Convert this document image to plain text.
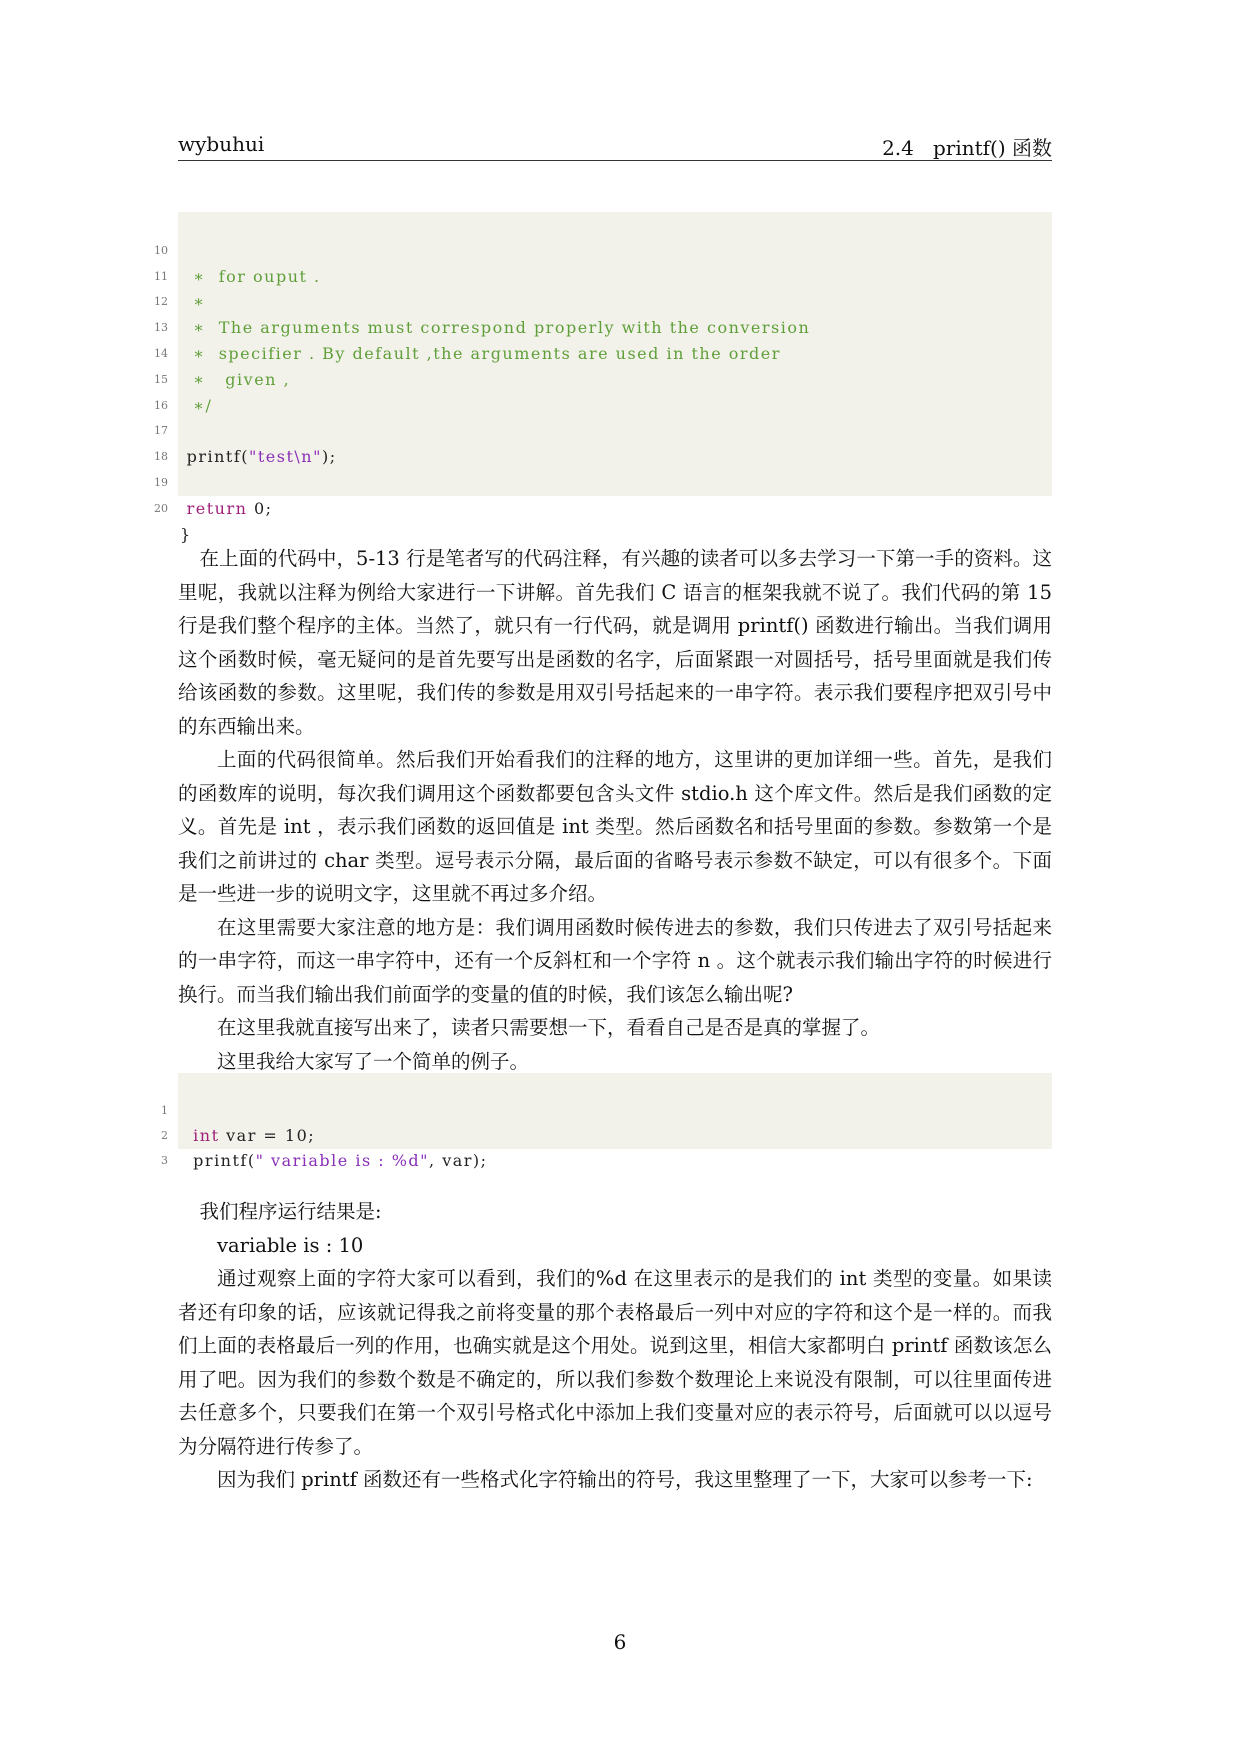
wybuhui	2.4   printf() 函数

10

∗  for ouput .

11

∗

12

∗  The arguments must correspond properly with the conversion

13

∗  specifier . By default ,the arguments are used in the order

14

∗   given ,

15

∗/

16

17

printf("test\n");

18

19

return 0;

20

}

在上面的代码中，5-13 行是笔者写的代码注释，有兴趣的读者可以多去学习一下第一手的资料。这里呢，我就以注释为例给大家进行一下讲解。首先我们 C 语言的框架我就不说了。我们代码的第 15 行是我们整个程序的主体。当然了，就只有一行代码，就是调用 printf() 函数进行输出。当我们调用这个函数时候，毫无疑问的是首先要写出是函数的名字，后面紧跟一对圆括号，括号里面就是我们传给该函数的参数。这里呢，我们传的参数是用双引号括起来的一串字符。表示我们要程序把双引号中的东西输出来。

上面的代码很简单。然后我们开始看我们的注释的地方，这里讲的更加详细一些。首先，是我们的函数库的说明，每次我们调用这个函数都要包含头文件 stdio.h 这个库文件。然后是我们函数的定义。首先是 int ，表示我们函数的返回值是 int 类型。然后函数名和括号里面的参数。参数第一个是我们之前讲过的 char 类型。逗号表示分隔，最后面的省略号表示参数不缺定，可以有很多个。下面是一些进一步的说明文字，这里就不再过多介绍。

在这里需要大家注意的地方是：我们调用函数时候传进去的参数，我们只传进去了双引号括起来的一串字符，而这一串字符中，还有一个反斜杠和一个字符 n 。这个就表示我们输出字符的时候进行换行。而当我们输出我们前面学的变量的值的时候，我们该怎么输出呢?

在这里我就直接写出来了，读者只需要想一下，看看自己是否是真的掌握了。

这里我给大家写了一个简单的例子。

1

int var = 10;

2

printf(" variable is : %d", var);

3

我们程序运行结果是:

variable is : 10

通过观察上面的字符大家可以看到，我们的%d 在这里表示的是我们的 int 类型的变量。如果读者还有印象的话，应该就记得我之前将变量的那个表格最后一列中对应的字符和这个是一样的。而我们上面的表格最后一列的作用，也确实就是这个用处。说到这里，相信大家都明白 printf 函数该怎么用了吧。因为我们的参数个数是不确定的，所以我们参数个数理论上来说没有限制，可以往里面传进去任意多个，只要我们在第一个双引号格式化中添加上我们变量对应的表示符号，后面就可以以逗号为分隔符进行传参了。

因为我们 printf 函数还有一些格式化字符输出的符号，我这里整理了一下，大家可以参考一下:

6
